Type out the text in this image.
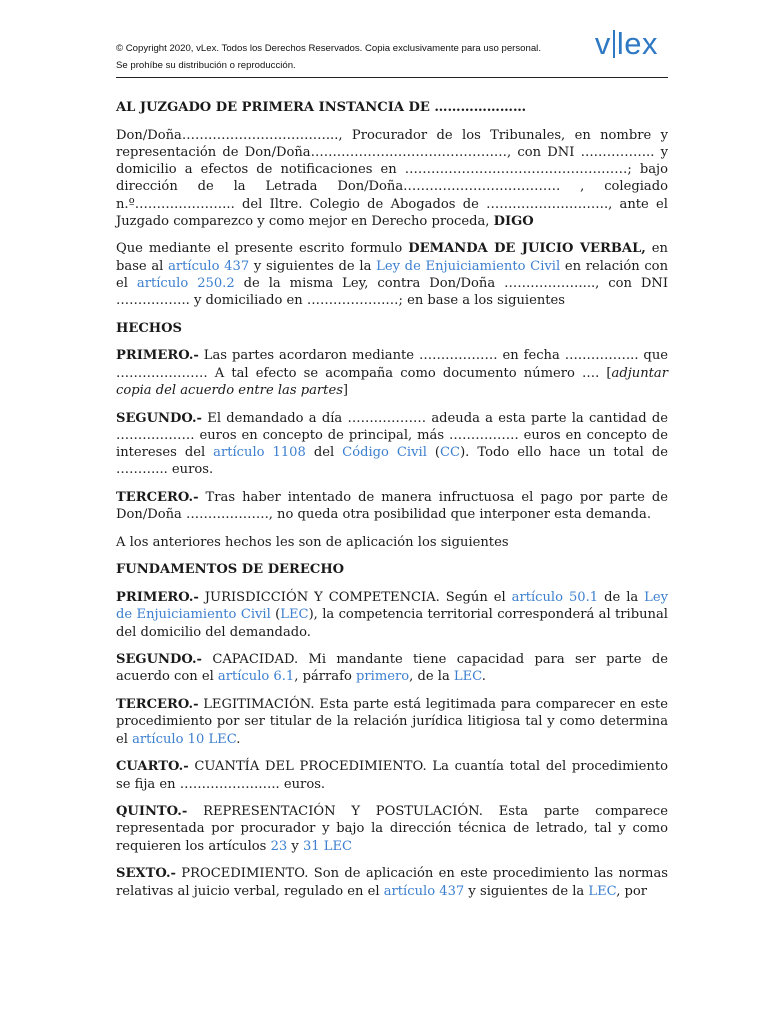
© Copyright 2020, vLex. Todos los Derechos Reservados. Copia exclusivamente para uso personal.
Se prohíbe su distribución o reproducción.
v lex
AL JUZGADO DE PRIMERA INSTANCIA DE …………………

Don/Doña……………………………..., Procurador de los Tribunales, en nombre y representación de Don/Doña………………………………………, con DNI …………….. y domicilio a efectos de notificaciones en ……………………………………………; bajo dirección de la Letrada Don/Doña……………………………… , colegiado n.º………………….. del Iltre. Colegio de Abogados de ………………………., ante el Juzgado comparezco y como mejor en Derecho proceda, DIGO

Que mediante el presente escrito formulo DEMANDA DE JUICIO VERBAL, en base al artículo 437 y siguientes de la Ley de Enjuiciamiento Civil en relación con el artículo 250.2 de la misma Ley, contra Don/Doña ………………..., con DNI …………….. y domiciliado en …………………; en base a los siguientes

HECHOS

PRIMERO.- Las partes acordaron mediante ……………… en fecha …………….. que ………………… A tal efecto se acompaña como documento número …. [adjuntar copia del acuerdo entre las partes]

SEGUNDO.- El demandado a día ……………… adeuda a esta parte la cantidad de ……………… euros en concepto de principal, más ……………. euros en concepto de intereses del artículo 1108 del Código Civil (CC). Todo ello hace un total de ………... euros.

TERCERO.- Tras haber intentado de manera infructuosa el pago por parte de Don/Doña ………………., no queda otra posibilidad que interponer esta demanda.

A los anteriores hechos les son de aplicación los siguientes

FUNDAMENTOS DE DERECHO

PRIMERO.- JURISDICCIÓN Y COMPETENCIA. Según el artículo 50.1 de la Ley de Enjuiciamiento Civil (LEC), la competencia territorial corresponderá al tribunal del domicilio del demandado.

SEGUNDO.- CAPACIDAD. Mi mandante tiene capacidad para ser parte de acuerdo con el artículo 6.1, párrafo primero, de la LEC.

TERCERO.- LEGITIMACIÓN. Esta parte está legitimada para comparecer en este procedimiento por ser titular de la relación jurídica litigiosa tal y como determina el artículo 10 LEC.

CUARTO.- CUANTÍA DEL PROCEDIMIENTO. La cuantía total del procedimiento se fija en ………………….. euros.

QUINTO.- REPRESENTACIÓN Y POSTULACIÓN. Esta parte comparece representada por procurador y bajo la dirección técnica de letrado, tal y como requieren los artículos 23 y 31 LEC

SEXTO.- PROCEDIMIENTO. Son de aplicación en este procedimiento las normas relativas al juicio verbal, regulado en el artículo 437 y siguientes de la LEC, por
